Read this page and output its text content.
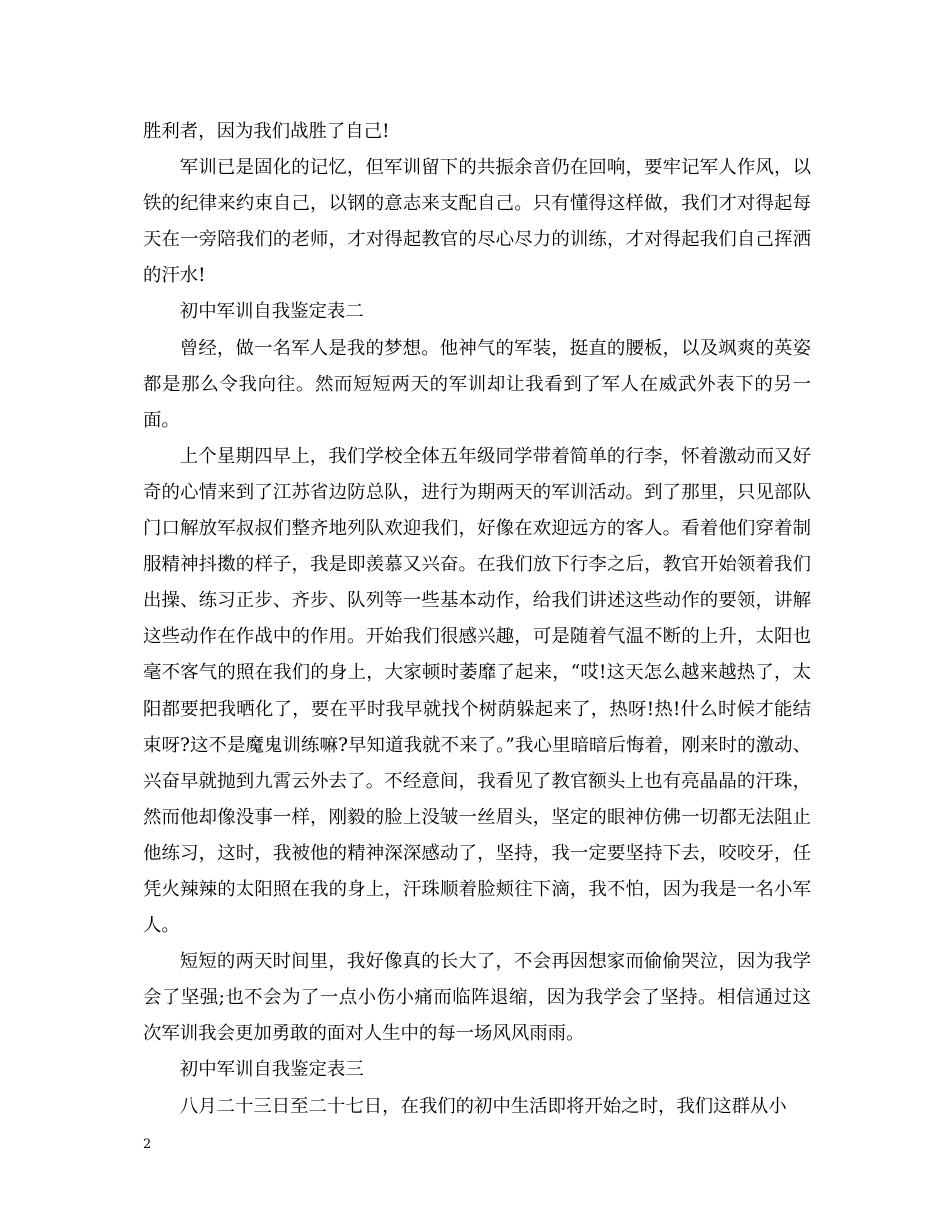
胜利者，因为我们战胜了自己!

军训已是固化的记忆，但军训留下的共振余音仍在回响，要牢记军人作风，以铁的纪律来约束自己，以钢的意志来支配自己。只有懂得这样做，我们才对得起每天在一旁陪我们的老师，才对得起教官的尽心尽力的训练，才对得起我们自己挥洒的汗水!

初中军训自我鉴定表二

曾经，做一名军人是我的梦想。他神气的军装，挺直的腰板，以及飒爽的英姿都是那么令我向往。然而短短两天的军训却让我看到了军人在威武外表下的另一面。

上个星期四早上，我们学校全体五年级同学带着简单的行李，怀着激动而又好奇的心情来到了江苏省边防总队，进行为期两天的军训活动。到了那里，只见部队门口解放军叔叔们整齐地列队欢迎我们，好像在欢迎远方的客人。看着他们穿着制服精神抖擞的样子，我是即羡慕又兴奋。在我们放下行李之后，教官开始领着我们出操、练习正步、齐步、队列等一些基本动作，给我们讲述这些动作的要领，讲解这些动作在作战中的作用。开始我们很感兴趣，可是随着气温不断的上升，太阳也毫不客气的照在我们的身上，大家顿时萎靡了起来，“哎!这天怎么越来越热了，太阳都要把我晒化了，要在平时我早就找个树荫躲起来了，热呀!热!什么时候才能结束呀?这不是魔鬼训练嘛?早知道我就不来了。”我心里暗暗后悔着，刚来时的激动、兴奋早就抛到九霄云外去了。不经意间，我看见了教官额头上也有亮晶晶的汗珠，然而他却像没事一样，刚毅的脸上没皱一丝眉头，坚定的眼神仿佛一切都无法阻止他练习，这时，我被他的精神深深感动了，坚持，我一定要坚持下去，咬咬牙，任凭火辣辣的太阳照在我的身上，汗珠顺着脸颊往下滴，我不怕，因为我是一名小军人。

短短的两天时间里，我好像真的长大了，不会再因想家而偷偷哭泣，因为我学会了坚强;也不会为了一点小伤小痛而临阵退缩，因为我学会了坚持。相信通过这次军训我会更加勇敢的面对人生中的每一场风风雨雨。

初中军训自我鉴定表三

八月二十三日至二十七日，在我们的初中生活即将开始之时，我们这群从小

2
